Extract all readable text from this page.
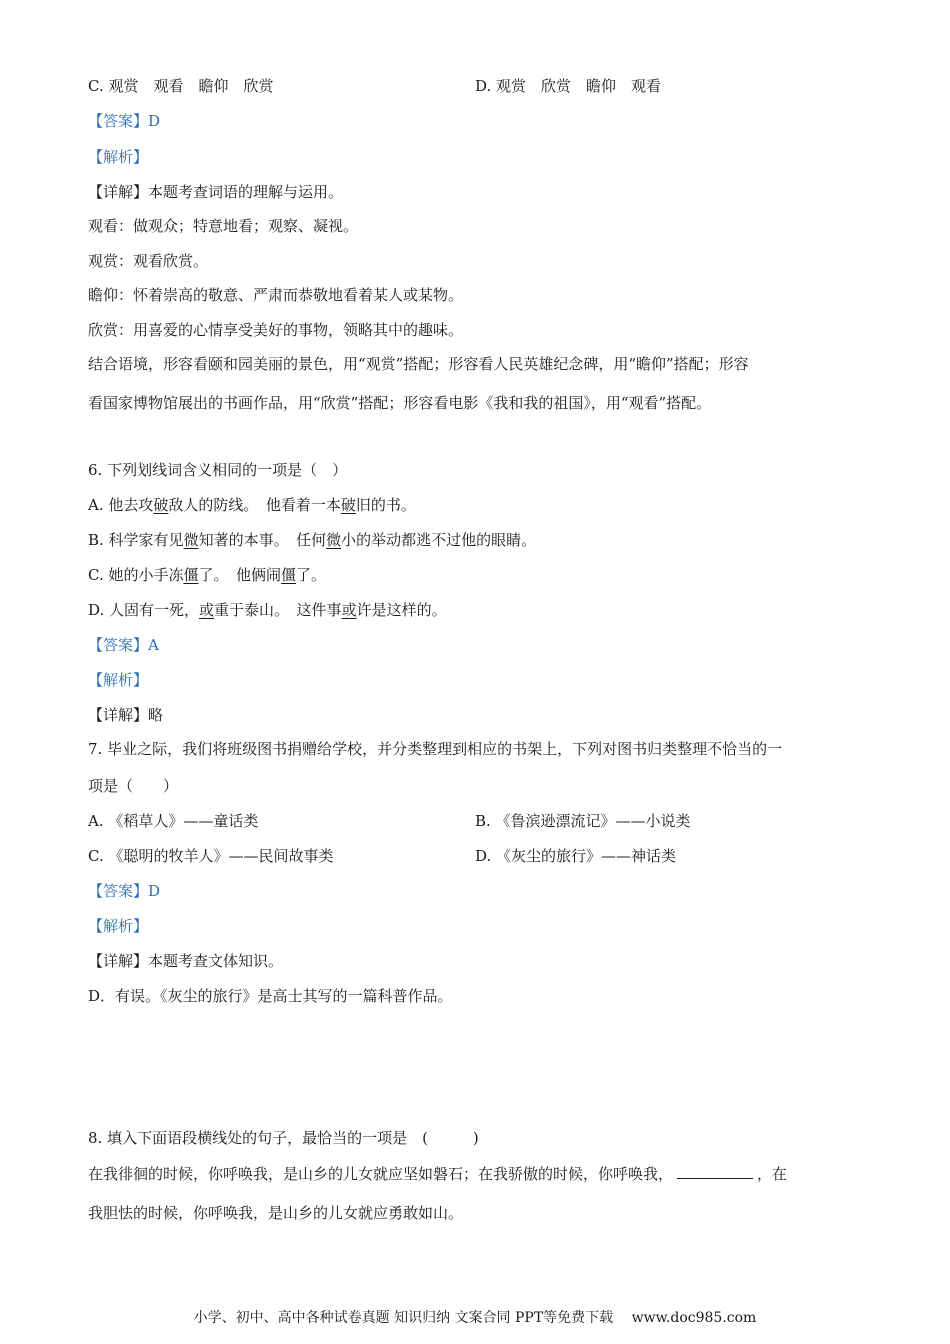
C. 观赏　观看　瞻仰　欣赏	D. 观赏　欣赏　瞻仰　观看
【答案】D
【解析】
【详解】本题考查词语的理解与运用。
观看：做观众；特意地看；观察、凝视。
观赏：观看欣赏。
瞻仰：怀着崇高的敬意、严肃而恭敬地看着某人或某物。
欣赏：用喜爱的心情享受美好的事物，领略其中的趣味。
结合语境，形容看颐和园美丽的景色，用“观赏”搭配；形容看人民英雄纪念碑，用“瞻仰”搭配；形容
看国家博物馆展出的书画作品，用“欣赏”搭配；形容看电影《我和我的祖国》，用“观看”搭配。
6. 下列划线词含义相同的一项是（　）
A. 他去攻破敌人的防线。　他看着一本破旧的书。
B. 科学家有见微知著的本事。　任何微小的举动都逃不过他的眼睛。
C. 她的小手冻僵了。　他俩闹僵了。
D. 人固有一死，或重于泰山。　这件事或许是这样的。
【答案】A
【解析】
【详解】略
7. 毕业之际，我们将班级图书捐赠给学校，并分类整理到相应的书架上，下列对图书归类整理不恰当的一
项是（　　）
A. 《稻草人》——童话类	B. 《鲁滨逊漂流记》——小说类
C. 《聪明的牧羊人》——民间故事类	D. 《灰尘的旅行》——神话类
【答案】D
【解析】
【详解】本题考查文体知识。
D．有误。《灰尘的旅行》是高士其写的一篇科普作品。
8. 填入下面语段横线处的句子，最恰当的一项是　(　　　)
在我徘徊的时候，你呼唤我，是山乡的儿女就应坚如磐石；在我骄傲的时候，你呼唤我，	，在
我胆怯的时候，你呼唤我，是山乡的儿女就应勇敢如山。
小学、初中、高中各种试卷真题 知识归纳 文案合同 PPT等免费下载　 www.doc985.com
